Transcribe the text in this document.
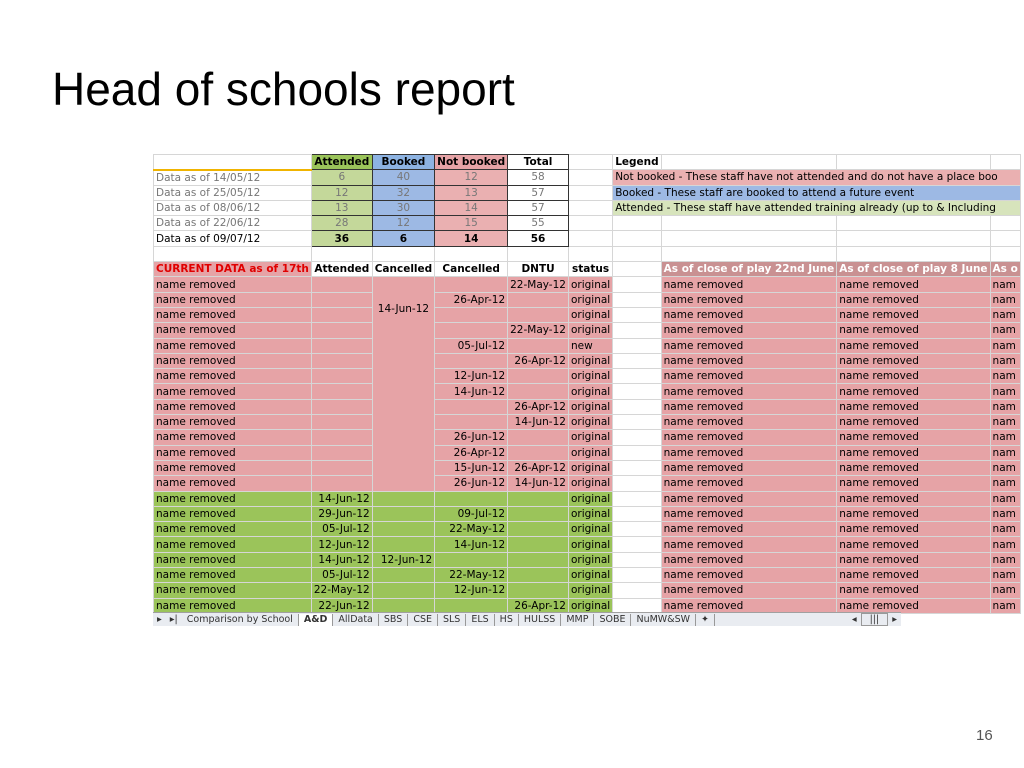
Head of schools report
	Attended	Booked	Not booked	Total		Legend			
Data as of 14/05/12	6	40	12	58		Not booked - These staff have not attended and do not have a place boo			
Data as of 25/05/12	12	32	13	57		Booked - These staff are booked to attend a future event			
Data as of 08/06/12	13	30	14	57		Attended - These staff have attended training already (up to & Including			
Data as of 22/06/12	28	12	15	55					
Data as of 09/07/12	36	6	14	56					

CURRENT DATA as of 17th	Attended	Cancelled	Cancelled	DNTU	status		As of close of play 22nd June	As of close of play 8 June	As o
name removed		14-Jun-12		22-May-12	original		name removed	name removed	nam
name removed			26-Apr-12		original		name removed	name removed	nam
name removed					original		name removed	name removed	nam
name removed				22-May-12	original		name removed	name removed	nam
name removed			05-Jul-12		new		name removed	name removed	nam
name removed				26-Apr-12	original		name removed	name removed	nam
name removed			12-Jun-12		original		name removed	name removed	nam
name removed			14-Jun-12		original		name removed	name removed	nam
name removed				26-Apr-12	original		name removed	name removed	nam
name removed				14-Jun-12	original		name removed	name removed	nam
name removed			26-Jun-12		original		name removed	name removed	nam
name removed			26-Apr-12		original		name removed	name removed	nam
name removed			15-Jun-12	26-Apr-12	original		name removed	name removed	nam
name removed			26-Jun-12	14-Jun-12	original		name removed	name removed	nam
name removed	14-Jun-12				original		name removed	name removed	nam
name removed	29-Jun-12		09-Jul-12		original		name removed	name removed	nam
name removed	05-Jul-12		22-May-12		original		name removed	name removed	nam
name removed	12-Jun-12		14-Jun-12		original		name removed	name removed	nam
name removed	14-Jun-12	12-Jun-12			original		name removed	name removed	nam
name removed	05-Jul-12		22-May-12		original		name removed	name removed	nam
name removed	22-May-12		12-Jun-12		original		name removed	name removed	nam
name removed	22-Jun-12			26-Apr-12	original		name removed	name removed	nam
▸ ▸| Comparison by School	A&D	AllData	SBS	CSE	SLS	ELS	HS	HULSS	MMP	SOBE	NuMW&SW	✦	◂	|||	▸
16
